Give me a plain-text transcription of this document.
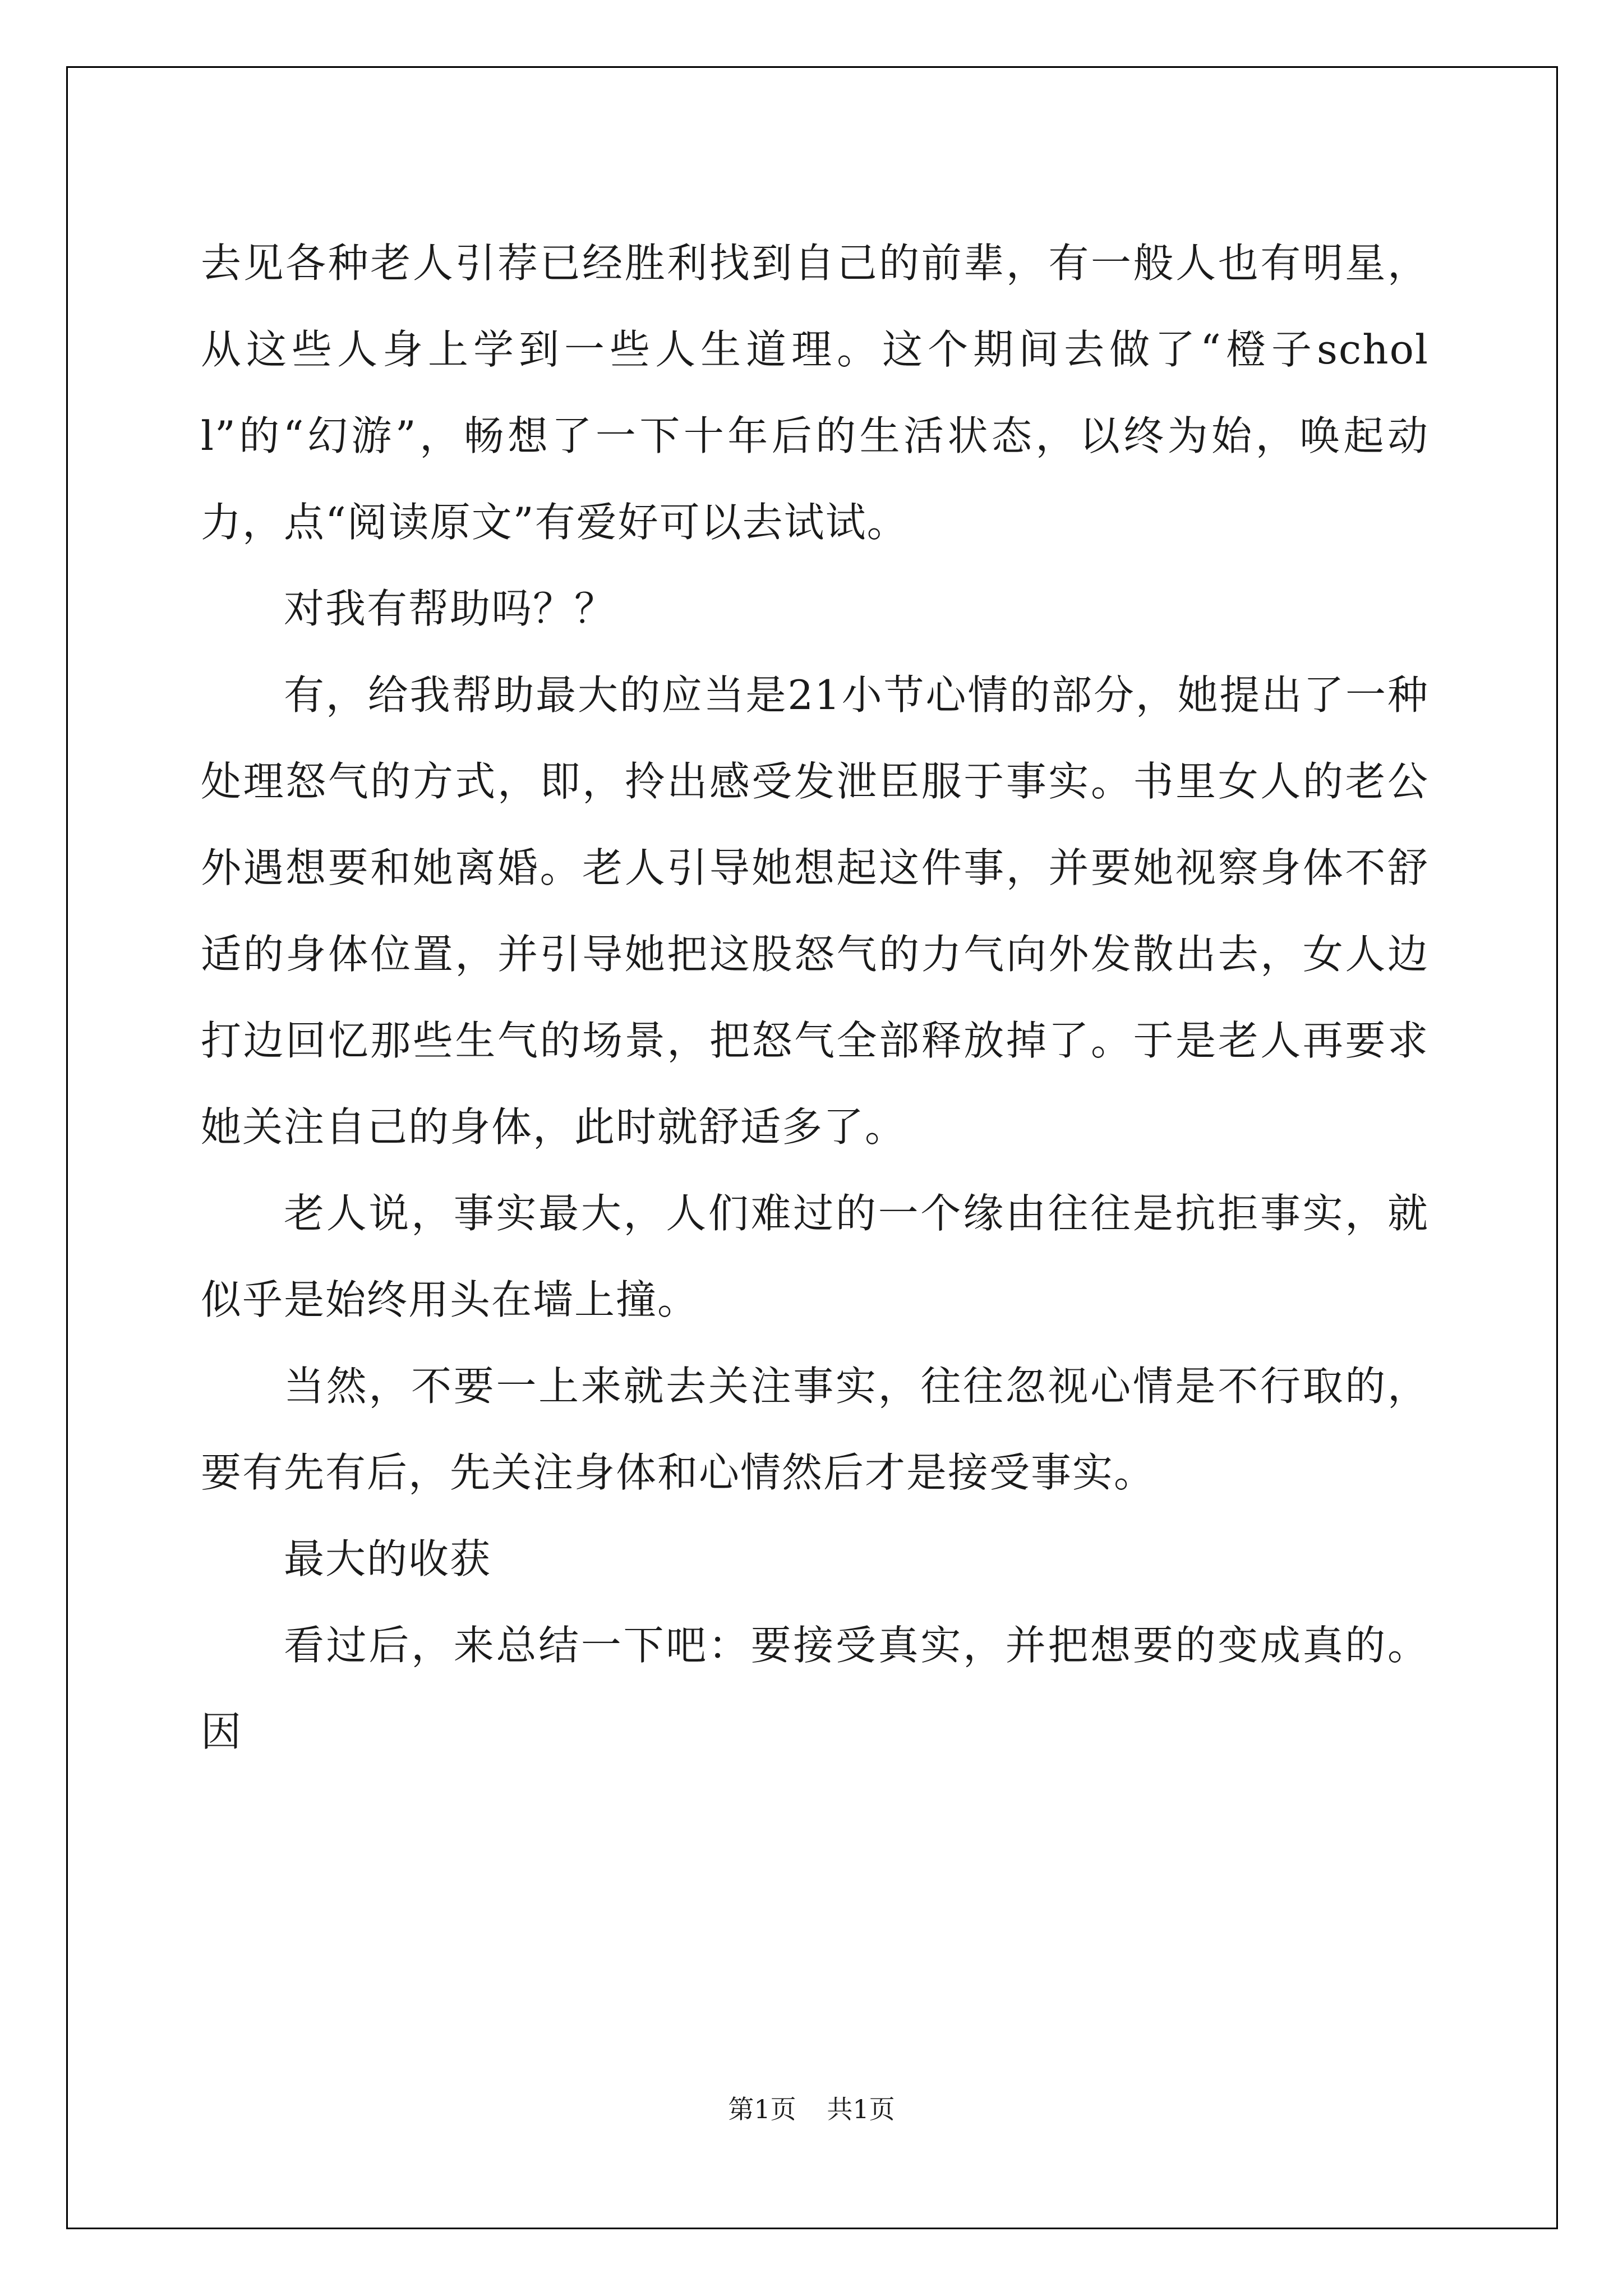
去见各种老人引荐已经胜利找到自己的前辈，有一般人也有明星，从这些人身上学到一些人生道理。这个期间去做了“橙子scholl”的“幻游”，畅想了一下十年后的生活状态，以终为始，唤起动力，点“阅读原文”有爱好可以去试试。

对我有帮助吗？？

有，给我帮助最大的应当是21小节心情的部分，她提出了一种处理怒气的方式，即，拎出感受发泄臣服于事实。书里女人的老公外遇想要和她离婚。老人引导她想起这件事，并要她视察身体不舒适的身体位置，并引导她把这股怒气的力气向外发散出去，女人边打边回忆那些生气的场景，把怒气全部释放掉了。于是老人再要求她关注自己的身体，此时就舒适多了。

老人说，事实最大，人们难过的一个缘由往往是抗拒事实，就似乎是始终用头在墙上撞。

当然，不要一上来就去关注事实，往往忽视心情是不行取的，要有先有后，先关注身体和心情然后才是接受事实。

最大的收获

看过后，来总结一下吧：要接受真实，并把想要的变成真的。因

第1页 共1页
